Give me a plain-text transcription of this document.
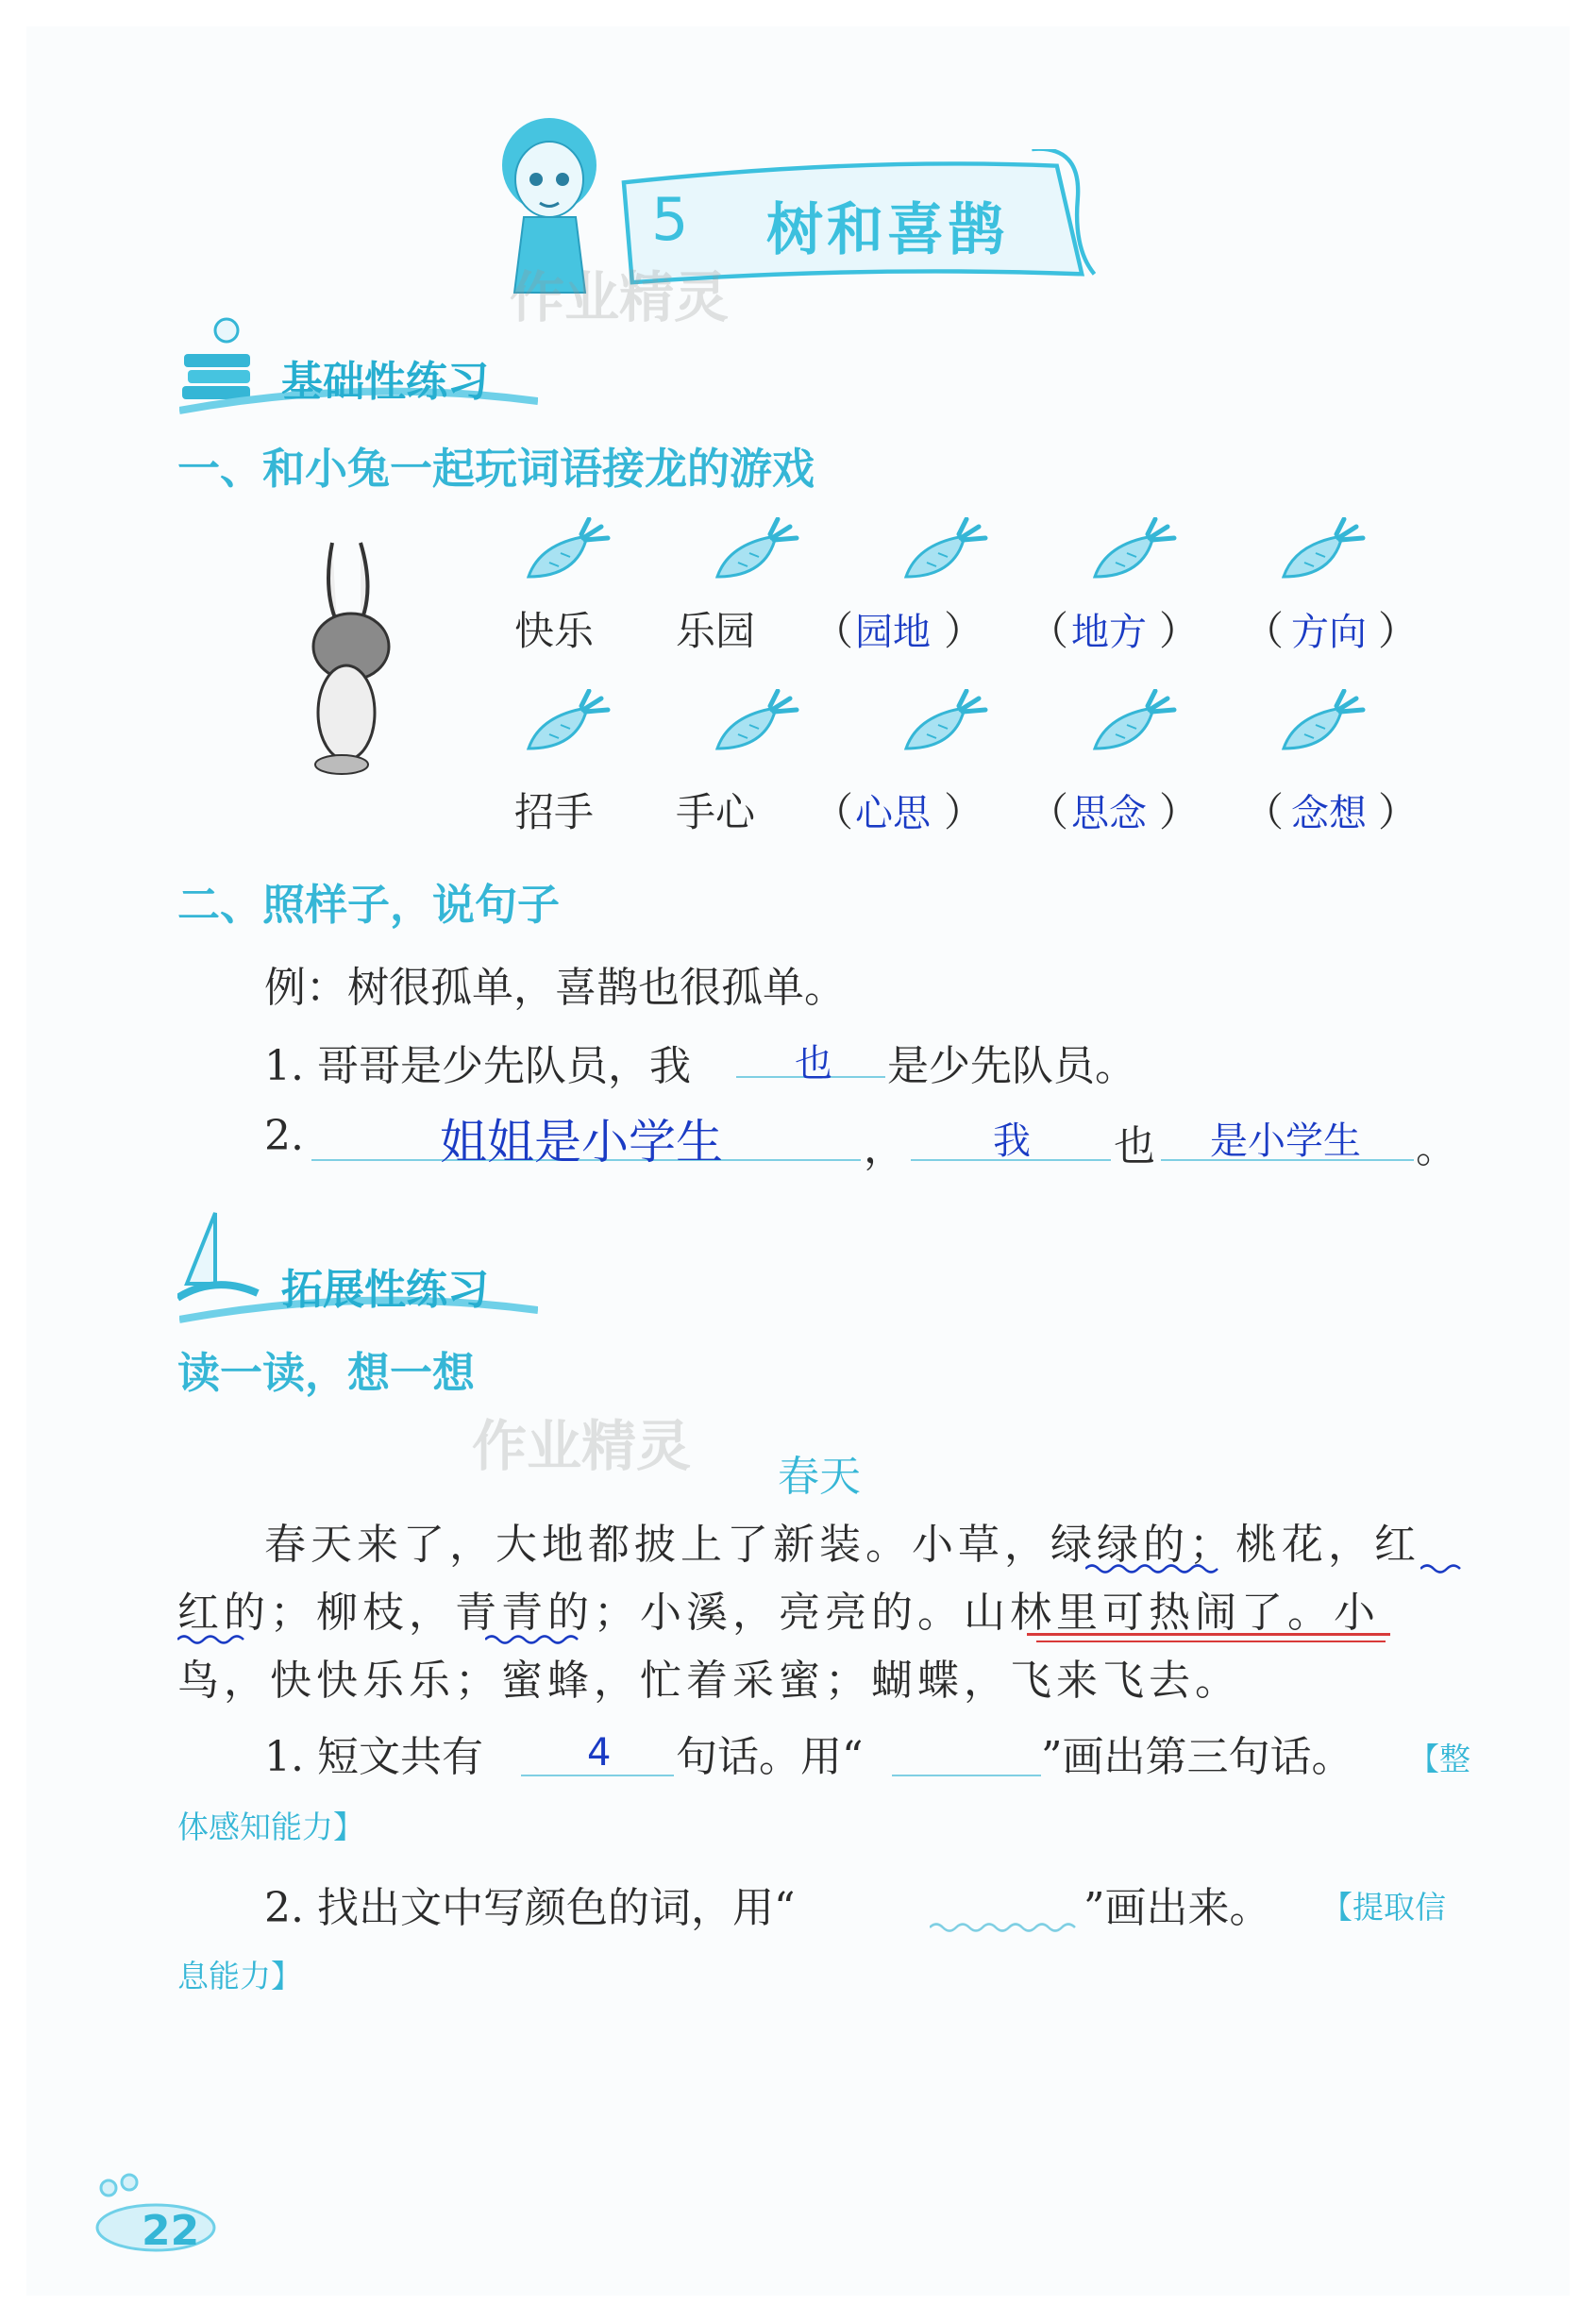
5 树和喜鹊
作业精灵
基础性练习
一、和小兔一起玩词语接龙的游戏
快乐 乐园 （ 园地 ） （ 地方 ） （ 方向 ）
招手 手心 （ 心思 ） （ 思念 ） （ 念想 ）
二、照样子，说句子
例：树很孤单，喜鹊也很孤单。
1. 哥哥是少先队员，我	也 是少先队员。
2.	姐姐是小学生	， 我 也 是小学生 。
拓展性练习
读一读，想一想
作业精灵 春天
春天来了，大地都披上了新装。小草，绿绿的；桃花，红
红的；柳枝，青青的；小溪，亮亮的。山林里可热闹了。小
鸟，快快乐乐；蜜蜂，忙着采蜜；蝴蝶，飞来飞去。
1. 短文共有	4 句话。用“	”画出第三句话。 【整
体感知能力】
2. 找出文中写颜色的词，用“	”画出来。 【提取信
息能力】
22
